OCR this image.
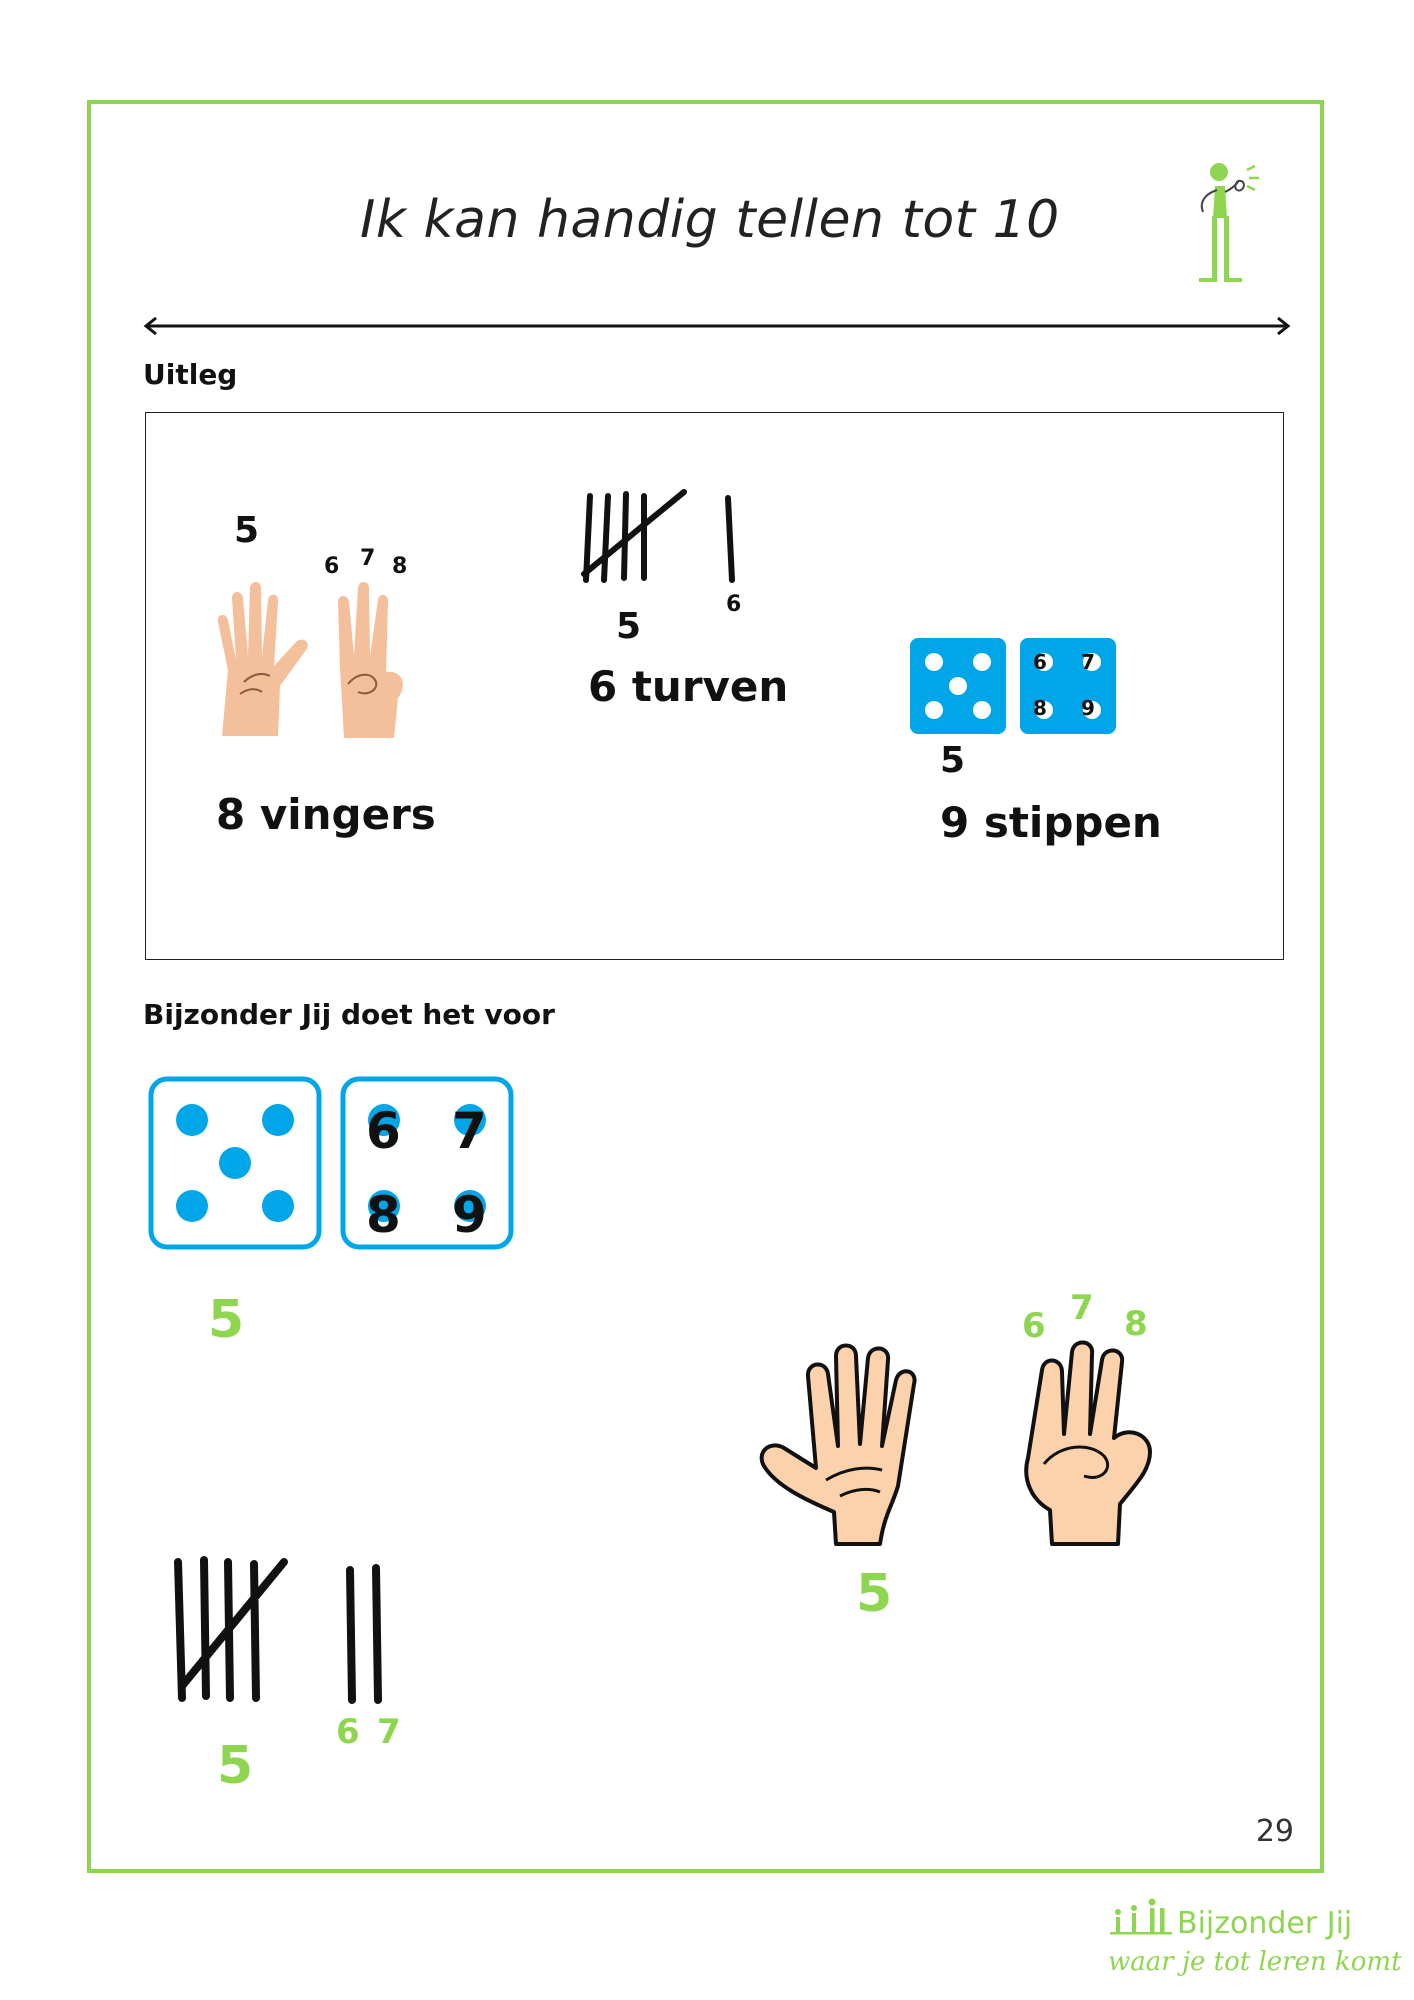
Ik kan handig tellen tot 10
Uitleg
5
6 7 8
8 vingers
5
6
6 turven	6 7
8 9
5
9 stippen
Bijzonder Jij doet het voor
6 7
8 9
5	6 7 8
5
5
6 7
29
Bijzonder Jij
waar je tot leren komt
